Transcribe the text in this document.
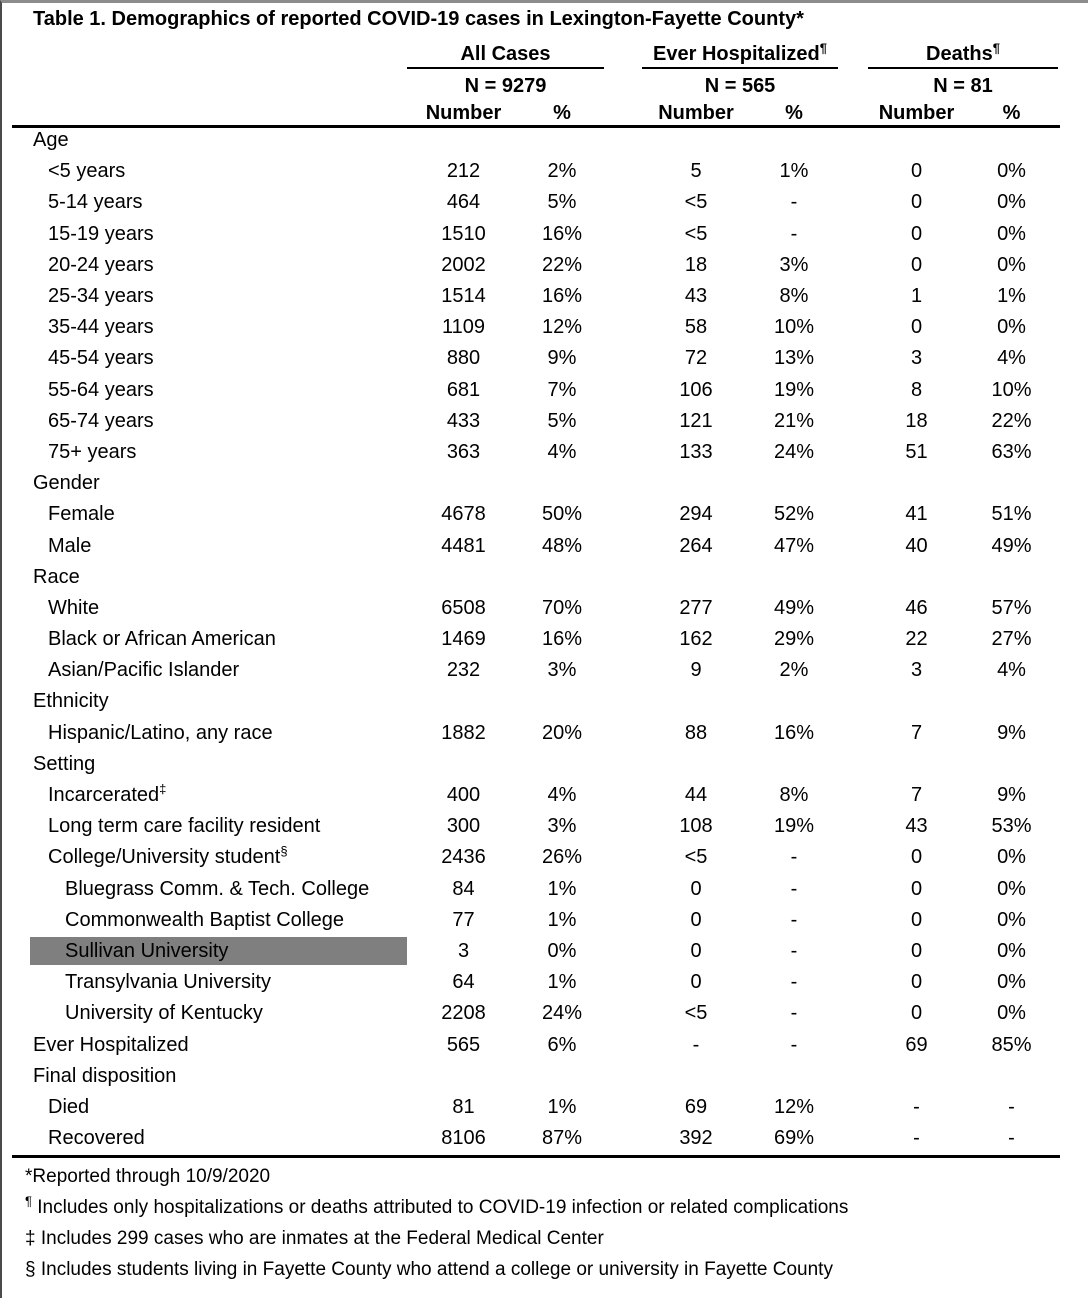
Table 1. Demographics of reported COVID-19 cases in Lexington-Fayette County*
	All Cases			Ever Hospitalized¶			Deaths¶	
	N = 9279			N = 565			N = 81		
	Number	%		Number	%		Number	%	
Age									
<5 years	212	2%		5	1%		0	0%	
5-14 years	464	5%		<5	-		0	0%	
15-19 years	1510	16%		<5	-		0	0%	
20-24 years	2002	22%		18	3%		0	0%	
25-34 years	1514	16%		43	8%		1	1%	
35-44 years	1109	12%		58	10%		0	0%	
45-54 years	880	9%		72	13%		3	4%	
55-64 years	681	7%		106	19%		8	10%	
65-74 years	433	5%		121	21%		18	22%	
75+ years	363	4%		133	24%		51	63%	
Gender									
Female	4678	50%		294	52%		41	51%	
Male	4481	48%		264	47%		40	49%	
Race									
White	6508	70%		277	49%		46	57%	
Black or African American	1469	16%		162	29%		22	27%	
Asian/Pacific Islander	232	3%		9	2%		3	4%	
Ethnicity									
Hispanic/Latino, any race	1882	20%		88	16%		7	9%	
Setting									
Incarcerated‡	400	4%		44	8%		7	9%	
Long term care facility resident	300	3%		108	19%		43	53%	
College/University student§	2436	26%		<5	-		0	0%	
Bluegrass Comm. & Tech. College	84	1%		0	-		0	0%	
Commonwealth Baptist College	77	1%		0	-		0	0%	
Sullivan University	3	0%		0	-		0	0%	
Transylvania University	64	1%		0	-		0	0%	
University of Kentucky	2208	24%		<5	-		0	0%	
Ever Hospitalized	565	6%		-	-		69	85%	
Final disposition									
Died	81	1%		69	12%		-	-	
Recovered	8106	87%		392	69%		-	-	
*Reported through 10/9/2020
¶ Includes only hospitalizations or deaths attributed to COVID-19 infection or related complications
‡ Includes 299 cases who are inmates at the Federal Medical Center
§ Includes students living in Fayette County who attend a college or university in Fayette County
